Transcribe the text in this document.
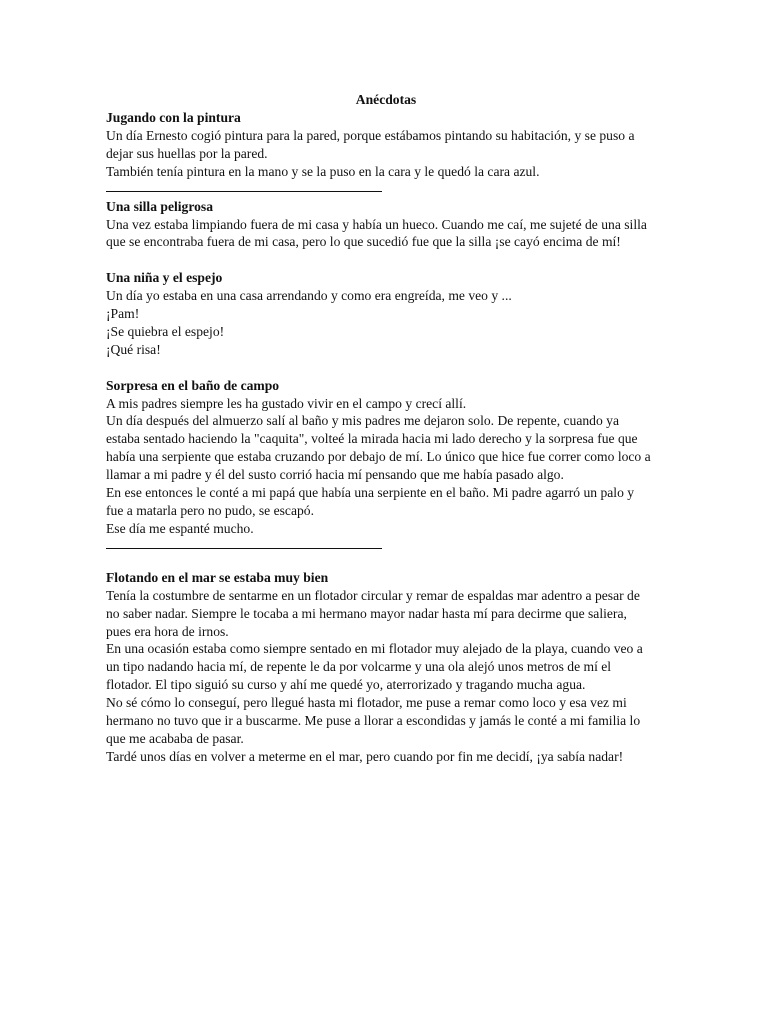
Anécdotas

Jugando con la pintura

Un día Ernesto cogió pintura para la pared, porque estábamos pintando su habitación, y se puso a

dejar sus huellas por la pared.

También tenía pintura en la mano y se la puso en la cara y le quedó la cara azul.

Una silla peligrosa

Una vez estaba limpiando fuera de mi casa y había un hueco. Cuando me caí, me sujeté de una silla

que se encontraba fuera de mi casa, pero lo que sucedió fue que la silla ¡se cayó encima de mí!

Una niña y el espejo

Un día yo estaba en una casa arrendando y como era engreída, me veo y ...

¡Pam!

¡Se quiebra el espejo!

¡Qué risa!

Sorpresa en el baño de campo

A mis padres siempre les ha gustado vivir en el campo y crecí allí.

Un día después del almuerzo salí al baño y mis padres me dejaron solo. De repente, cuando ya

estaba sentado haciendo la "caquita", volteé la mirada hacia mi lado derecho y la sorpresa fue que

había una serpiente que estaba cruzando por debajo de mí. Lo único que hice fue correr como loco a

llamar a mi padre y él del susto corrió hacia mí pensando que me había pasado algo.

En ese entonces le conté a mi papá que había una serpiente en el baño. Mi padre agarró un palo y

fue a matarla pero no pudo, se escapó.

Ese día me espanté mucho.

Flotando en el mar se estaba muy bien

Tenía la costumbre de sentarme en un flotador circular y remar de espaldas mar adentro a pesar de

no saber nadar. Siempre le tocaba a mi hermano mayor nadar hasta mí para decirme que saliera,

pues era hora de irnos.

En una ocasión estaba como siempre sentado en mi flotador muy alejado de la playa, cuando veo a

un tipo nadando hacia mí, de repente le da por volcarme y una ola alejó unos metros de mí el

flotador. El tipo siguió su curso y ahí me quedé yo, aterrorizado y tragando mucha agua.

No sé cómo lo conseguí, pero llegué hasta mi flotador, me puse a remar como loco y esa vez mi

hermano no tuvo que ir a buscarme. Me puse a llorar a escondidas y jamás le conté a mi familia lo

que me acababa de pasar.

Tardé unos días en volver a meterme en el mar, pero cuando por fin me decidí, ¡ya sabía nadar!
